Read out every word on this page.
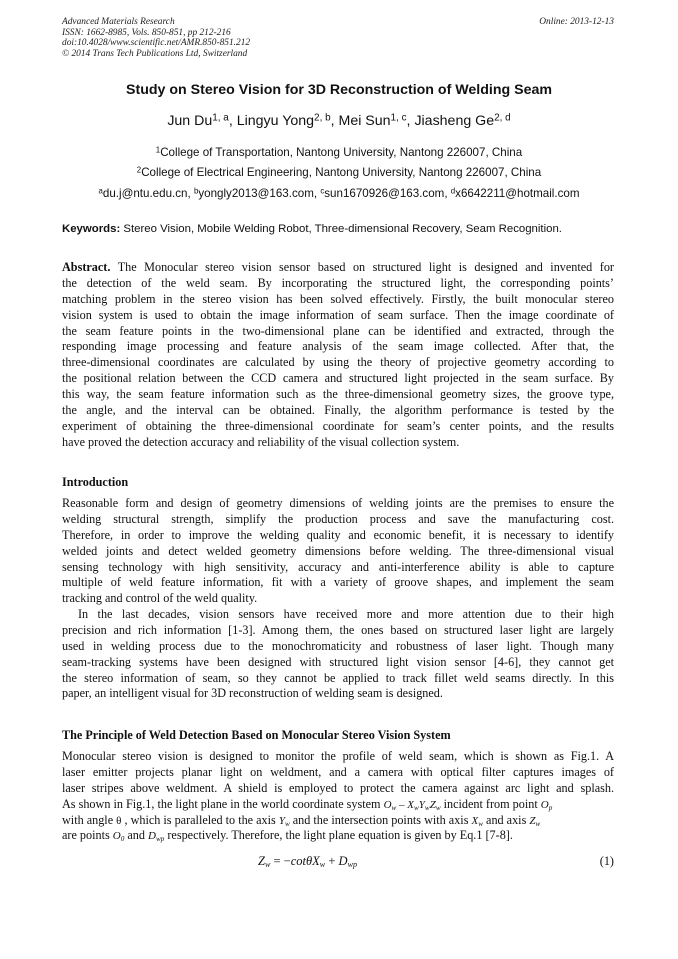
Advanced Materials Research
ISSN: 1662-8985, Vols. 850-851, pp 212-216
doi:10.4028/www.scientific.net/AMR.850-851.212
© 2014 Trans Tech Publications Ltd, Switzerland
Online: 2013-12-13
Study on Stereo Vision for 3D Reconstruction of Welding Seam
Jun Du$^{1, a}$, Lingyu Yong$^{2, b}$, Mei Sun$^{1, c}$, Jiasheng Ge$^{2, d}$
$^1$College of Transportation, Nantong University, Nantong 226007, China
$^2$College of Electrical Engineering, Nantong University, Nantong 226007, China
$^a$du.j@ntu.edu.cn, $^b$yongly2013@163.com, $^c$sun1670926@163.com, $^d$x6642211@hotmail.com
Keywords: Stereo Vision, Mobile Welding Robot, Three-dimensional Recovery, Seam Recognition.
Abstract. The Monocular stereo vision sensor based on structured light is designed and invented for
the detection of the weld seam. By incorporating the structured light, the corresponding points’
matching problem in the stereo vision has been solved effectively. Firstly, the built monocular stereo
vision system is used to obtain the image information of seam surface. Then the image coordinate of
the seam feature points in the two-dimensional plane can be identified and extracted, through the
responding image processing and feature analysis of the seam image collected. After that, the
three-dimensional coordinates are calculated by using the theory of projective geometry according to
the positional relation between the CCD camera and structured light projected in the seam surface. By
this way, the seam feature information such as the three-dimensional geometry sizes, the groove type,
the angle, and the interval can be obtained. Finally, the algorithm performance is tested by the
experiment of obtaining the three-dimensional coordinate for seam’s center points, and the results
have proved the detection accuracy and reliability of the visual collection system.
Introduction
Reasonable form and design of geometry dimensions of welding joints are the premises to ensure the
welding structural strength, simplify the production process and save the manufacturing cost.
Therefore, in order to improve the welding quality and economic benefit, it is necessary to identify
welded joints and detect welded geometry dimensions before welding. The three-dimensional visual
sensing technology with high sensitivity, accuracy and anti-interference ability is able to capture
multiple of weld feature information, fit with a variety of groove shapes, and implement the seam
tracking and control of the weld quality.
In the last decades, vision sensors have received more and more attention due to their high
precision and rich information [1-3]. Among them, the ones based on structured laser light are largely
used in welding process due to the monochromaticity and robustness of laser light. Though many
seam-tracking systems have been designed with structured light vision sensor [4-6], they cannot get
the stereo information of seam, so they cannot be applied to track fillet weld seams directly. In this
paper, an intelligent visual for 3D reconstruction of welding seam is designed.
The Principle of Weld Detection Based on Monocular Stereo Vision System
Monocular stereo vision is designed to monitor the profile of weld seam, which is shown as Fig.1. A
laser emitter projects planar light on weldment, and a camera with optical filter captures images of
laser stripes above weldment. A shield is employed to protect the camera against arc light and splash.
As shown in Fig.1, the light plane in the world coordinate system $O_w - X_wY_wZ_w$ incident from point $O_p$
with angle θ , which is paralleled to the axis $Y_w$ and the intersection points with axis $X_w$ and axis $Z_w$
are points $O_0$ and $D_{wp}$ respectively. Therefore, the light plane equation is given by Eq.1 [7-8].
$Z_w = -\cot\theta X_w + D_{wp}$	(1)
